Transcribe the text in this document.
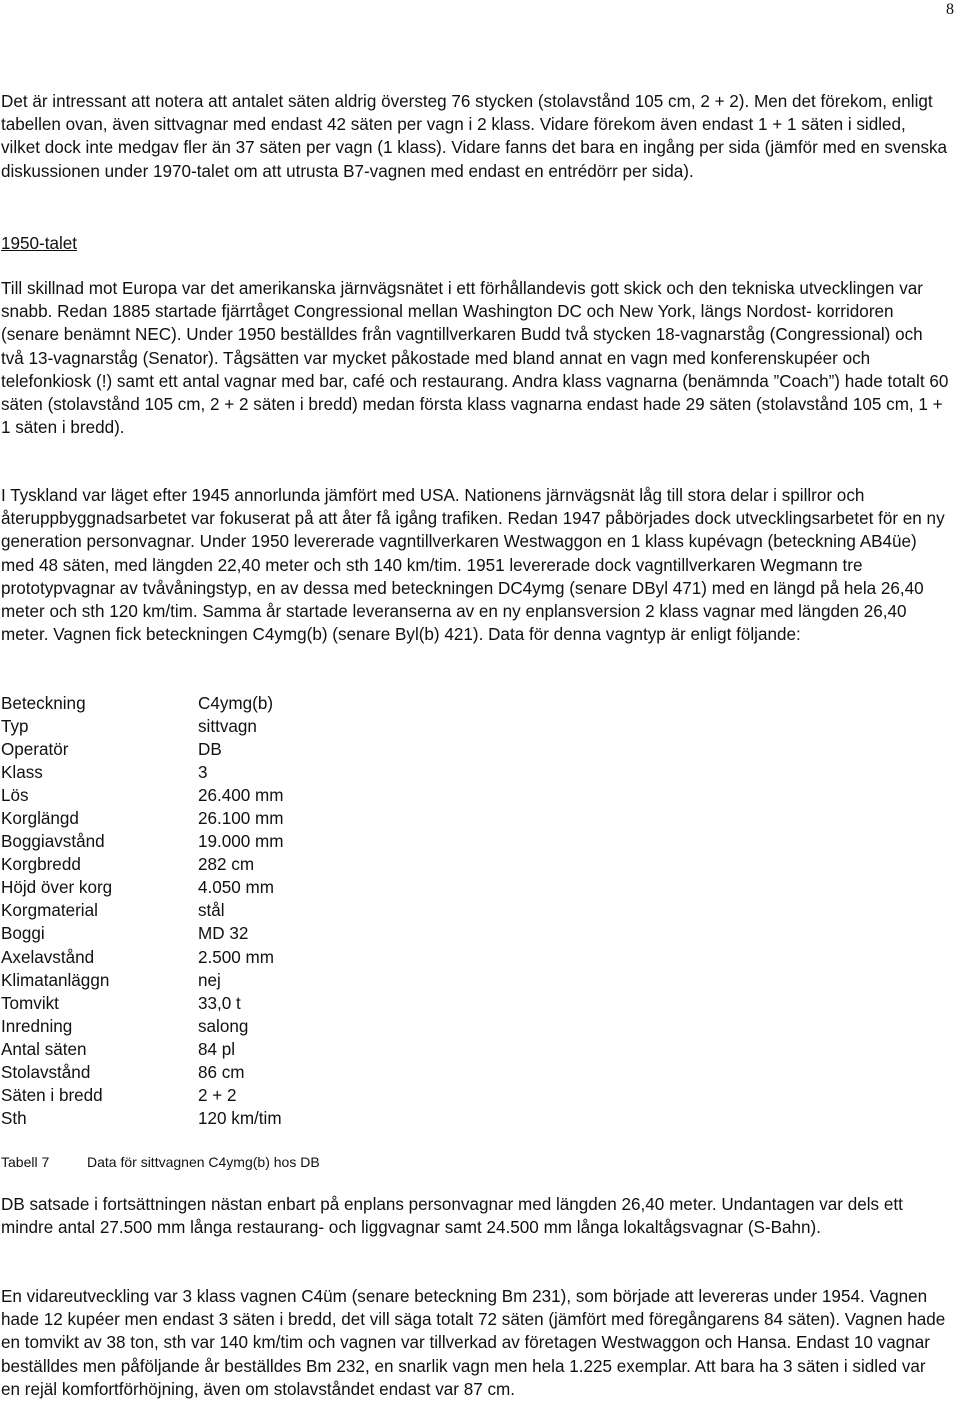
8

Det är intressant att notera att antalet säten aldrig översteg 76 stycken (stolavstånd 105 cm, 2 + 2). Men det förekom, enligt tabellen ovan, även sittvagnar med endast 42 säten per vagn i 2 klass. Vidare förekom även endast 1 + 1 säten i sidled, vilket dock inte medgav fler än 37 säten per vagn (1 klass). Vidare fanns det bara en ingång per sida (jämför med en svenska diskussionen under 1970-talet om att utrusta B7-vagnen med endast en entrédörr per sida).

1950-talet

Till skillnad mot Europa var det amerikanska järnvägsnätet i ett förhållandevis gott skick och den tekniska utvecklingen var snabb. Redan 1885 startade fjärrtåget Congressional mellan Washington DC och New York, längs Nordost- korridoren (senare benämnt NEC). Under 1950 beställdes från vagntillverkaren Budd två stycken 18-vagnarståg (Congressional) och två 13-vagnarståg (Senator). Tågsätten var mycket påkostade med bland annat en vagn med konferenskupéer och telefonkiosk (!) samt ett antal vagnar med bar, café och restaurang. Andra klass vagnarna (benämnda ”Coach”) hade totalt 60 säten (stolavstånd 105 cm, 2 + 2 säten i bredd) medan första klass vagnarna endast hade 29 säten (stolavstånd 105 cm, 1 + 1 säten i bredd).

I Tyskland var läget efter 1945 annorlunda jämfört med USA. Nationens järnvägsnät låg till stora delar i spillror och återuppbyggnadsarbetet var fokuserat på att åter få igång trafiken. Redan 1947 påbörjades dock utvecklingsarbetet för en ny generation personvagnar. Under 1950 levererade vagntillverkaren Westwaggon en 1 klass kupévagn (beteckning AB4üe) med 48 säten, med längden 22,40 meter och sth 140 km/tim. 1951 levererade dock vagntillverkaren Wegmann tre prototypvagnar av tvåvåningstyp, en av dessa med beteckningen DC4ymg (senare DByl 471) med en längd på hela 26,40 meter och sth 120 km/tim. Samma år startade leveranserna av en ny enplansversion 2 klass vagnar med längden 26,40 meter. Vagnen fick beteckningen C4ymg(b) (senare Byl(b) 421). Data för denna vagntyp är enligt följande:

Beteckning	C4ymg(b)
Typ	sittvagn
Operatör	DB
Klass	3
Lös	26.400 mm
Korglängd	26.100 mm
Boggiavstånd	19.000 mm
Korgbredd	282 cm
Höjd över korg	4.050 mm
Korgmaterial	stål
Boggi	MD 32
Axelavstånd	2.500 mm
Klimatanläggn	nej
Tomvikt	33,0 t
Inredning	salong
Antal säten	84 pl
Stolavstånd	86 cm
Säten i bredd	2 + 2
Sth	120 km/tim
Tabell 7	Data för sittvagnen C4ymg(b) hos DB

DB satsade i fortsättningen nästan enbart på enplans personvagnar med längden 26,40 meter. Undantagen var dels ett mindre antal 27.500 mm långa restaurang- och liggvagnar samt 24.500 mm långa lokaltågsvagnar (S-Bahn).

En vidareutveckling var 3 klass vagnen C4üm (senare beteckning Bm 231), som började att levereras under 1954. Vagnen hade 12 kupéer men endast 3 säten i bredd, det vill säga totalt 72 säten (jämfört med föregångarens 84 säten). Vagnen hade en tomvikt av 38 ton, sth var 140 km/tim och vagnen var tillverkad av företagen Westwaggon och Hansa. Endast 10 vagnar beställdes men påföljande år beställdes Bm 232, en snarlik vagn men hela 1.225 exemplar. Att bara ha 3 säten i sidled var en rejäl komfortförhöjning, även om stolavståndet endast var 87 cm.
